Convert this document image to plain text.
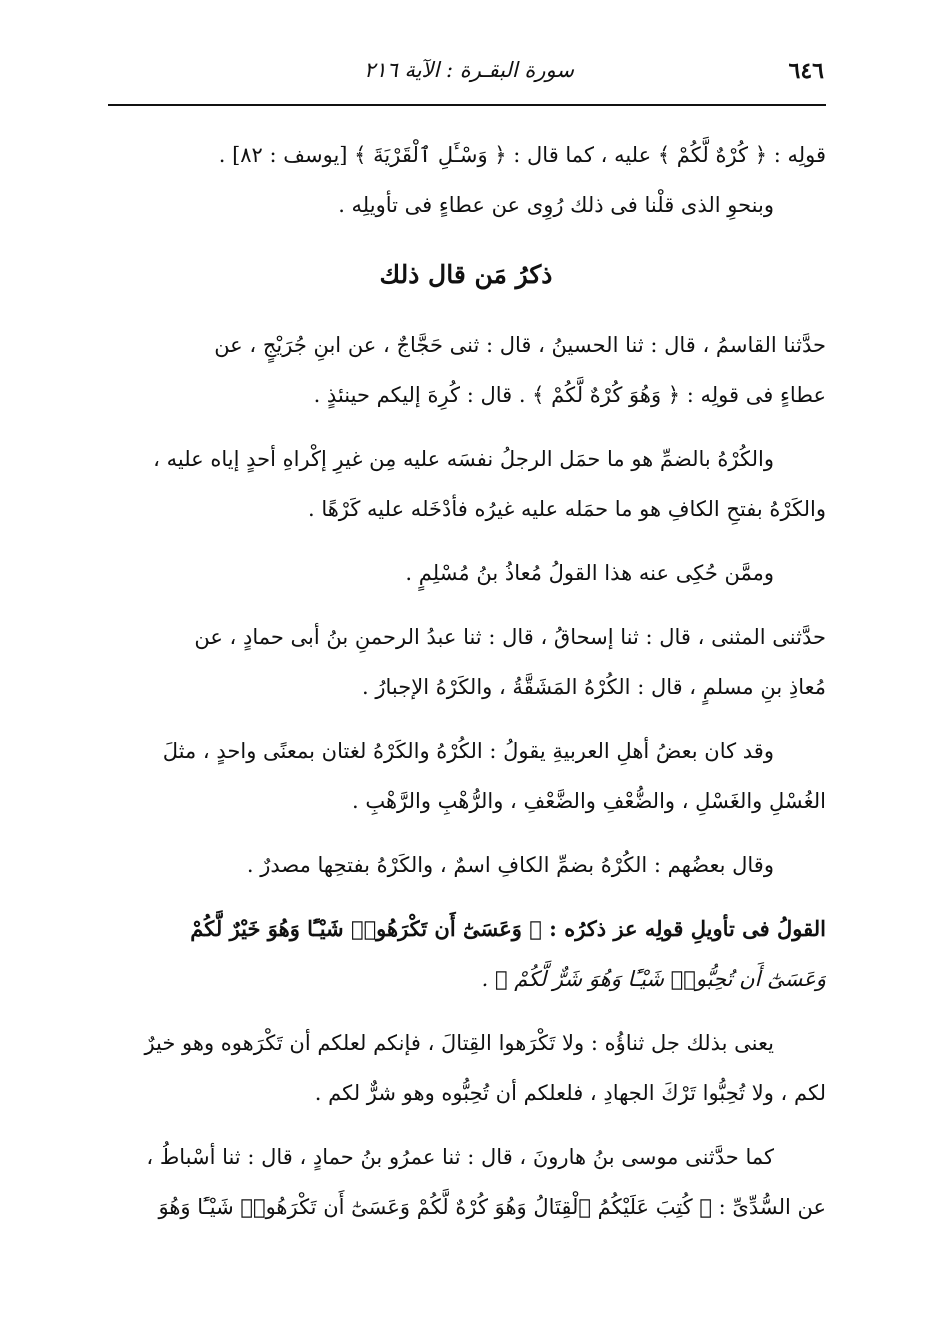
٦٤٦
سورة البقـرة : الآية ٢١٦
قولِه : ﴿ كُرْهٌ لَّكُمْ ﴾ عليه ، كما قال : ﴿ وَسْـَٔلِ ٱلْقَرْيَةَ ﴾ [يوسف : ٨٢] .
وبنحوِ الذى قلْنا فى ذلك رُوِى عن عطاءٍ فى تأويلِه .
ذكرُ مَن قال ذلك
حدَّثنا القاسمُ ، قال : ثنا الحسينُ ، قال : ثنى حَجَّاجٌ ، عن ابنِ جُرَيْجٍ ، عن
عطاءٍ فى قولِه : ﴿ وَهُوَ كُرْهٌ لَّكُمْ ﴾ . قال : كُرِهَ إليكم حينئذٍ .
والكُرْهُ بالضمِّ هو ما حمَل الرجلُ نفسَه عليه مِن غيرِ إكْراهِ أحدٍ إياه عليه ،
والكَرْهُ بفتحِ الكافِ هو ما حمَله عليه غيرُه فأدْخَله عليه كَرْهًا .
وممَّن حُكِى عنه هذا القولُ مُعاذُ بنُ مُسْلِمٍ .
حدَّثنى المثنى ، قال : ثنا إسحاقُ ، قال : ثنا عبدُ الرحمنِ بنُ أبى حمادٍ ، عن
مُعاذِ بنِ مسلمٍ ، قال : الكُرْهُ المَشَقَّةُ ، والكَرْهُ الإجبارُ .
وقد كان بعضُ أهلِ العربيةِ يقولُ : الكُرْهُ والكَرْهُ لغتان بمعنًى واحدٍ ، مثلَ
الغُسْلِ والغَسْلِ ، والضُّعْفِ والضَّعْفِ ، والرُّهْبِ والرَّهْبِ .
وقال بعضُهم : الكُرْهُ بضمِّ الكافِ اسمٌ ، والكَرْهُ بفتحِها مصدرٌ .
القولُ فى تأويلِ قولِه عز ذكرُه : ﴿ وَعَسَىٰٓ أَن تَكْرَهُوا۟ شَيْـًٔا وَهُوَ خَيْرٌ لَّكُمْ
وَعَسَىٰٓ أَن تُحِبُّوا۟ شَيْـًٔا وَهُوَ شَرٌّ لَّكُمْ ﴾ .
يعنى بذلك جل ثناؤُه : ولا تَكْرَهوا القِتالَ ، فإنكم لعلكم أن تَكْرَهوه وهو خيرٌ
لكم ، ولا تُحِبُّوا تَرْكَ الجهادِ ، فلعلكم أن تُحِبُّوه وهو شرٌّ لكم .
كما حدَّثنى موسى بنُ هارونَ ، قال : ثنا عمرُو بنُ حمادٍ ، قال : ثنا أسْباطُ ،
عن السُّدِّىِّ : ﴿ كُتِبَ عَلَيْكُمُ ٱلْقِتَالُ وَهُوَ كُرْهٌ لَّكُمْ وَعَسَىٰٓ أَن تَكْرَهُوا۟ شَيْـًٔا وَهُوَ
